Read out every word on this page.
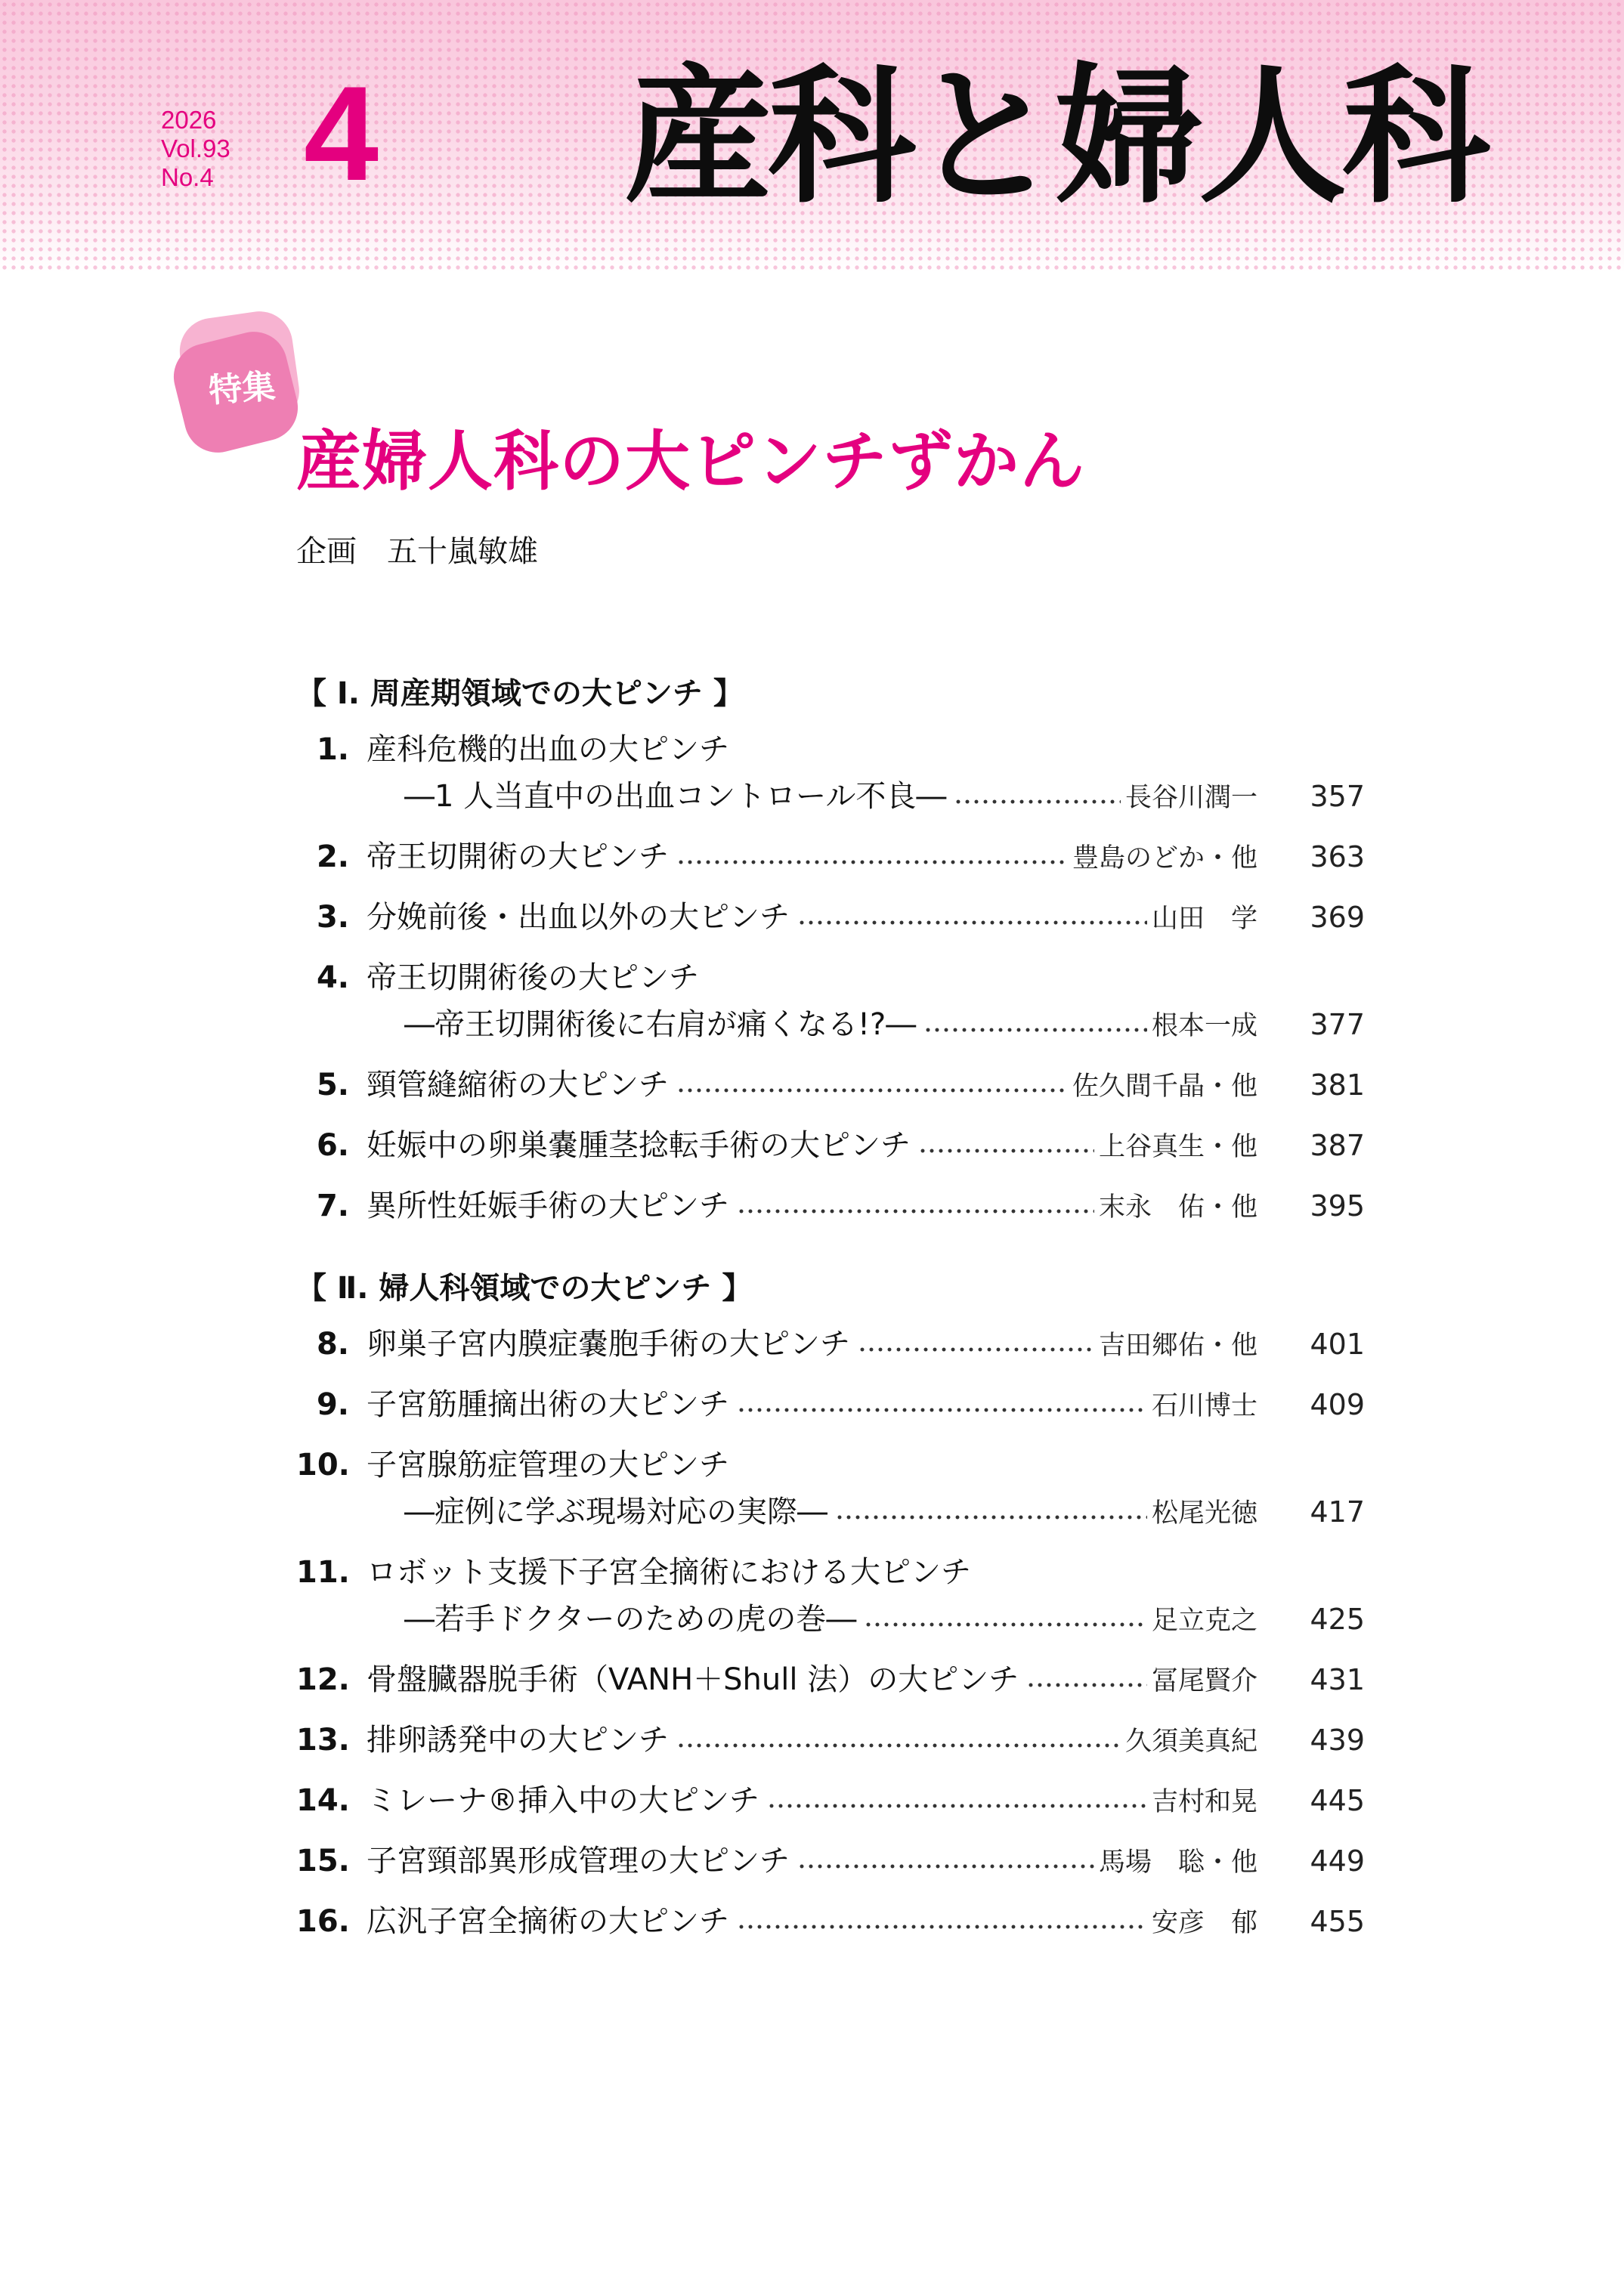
2026
Vol.93
No.4 4 産科と婦人科
特集
産婦人科の大ピンチずかん
企画　五十嵐敏雄
【 Ⅰ. 周産期領域での大ピンチ 】
1. 産科危機的出血の大ピンチ
―1 人当直中の出血コントロール不良―	長谷川潤一	357
2. 帝王切開術の大ピンチ	豊島のどか・他	363
3. 分娩前後・出血以外の大ピンチ	山田　学	369
4. 帝王切開術後の大ピンチ
―帝王切開術後に右肩が痛くなる!?―	根本一成	377
5. 頸管縫縮術の大ピンチ	佐久間千晶・他	381
6. 妊娠中の卵巣嚢腫茎捻転手術の大ピンチ	上谷真生・他	387
7. 異所性妊娠手術の大ピンチ	末永　佑・他	395
【 Ⅱ. 婦人科領域での大ピンチ 】
8. 卵巣子宮内膜症嚢胞手術の大ピンチ	吉田郷佑・他	401
9. 子宮筋腫摘出術の大ピンチ	石川博士	409
10. 子宮腺筋症管理の大ピンチ
―症例に学ぶ現場対応の実際―	松尾光徳	417
11. ロボット支援下子宮全摘術における大ピンチ
―若手ドクターのための虎の巻―	足立克之	425
12. 骨盤臓器脱手術（VANH＋Shull 法）の大ピンチ	冨尾賢介	431
13. 排卵誘発中の大ピンチ	久須美真紀	439
14. ミレーナ®挿入中の大ピンチ	吉村和晃	445
15. 子宮頸部異形成管理の大ピンチ	馬場　聡・他	449
16. 広汎子宮全摘術の大ピンチ	安彦　郁	455
